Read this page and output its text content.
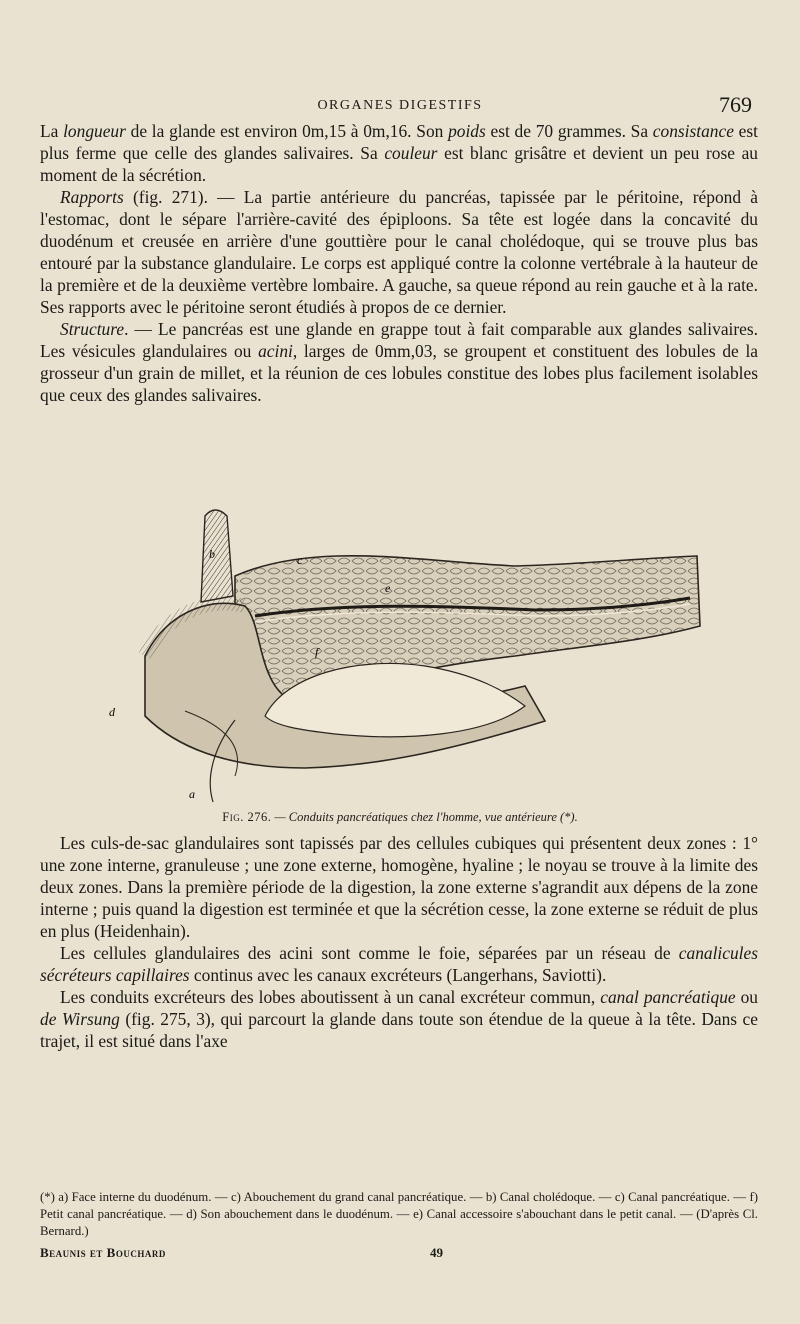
ORGANES DIGESTIFS	769

La longueur de la glande est environ 0m,15 à 0m,16. Son poids est de 70 grammes. Sa consistance est plus ferme que celle des glandes salivaires. Sa couleur est blanc grisâtre et devient un peu rose au moment de la sécrétion.

Rapports (fig. 271). — La partie antérieure du pancréas, tapissée par le péritoine, répond à l'estomac, dont le sépare l'arrière-cavité des épiploons. Sa tête est logée dans la concavité du duodénum et creusée en arrière d'une gouttière pour le canal cholédoque, qui se trouve plus bas entouré par la substance glandulaire. Le corps est appliqué contre la colonne vertébrale à la hauteur de la première et de la deuxième vertèbre lombaire. A gauche, sa queue répond au rein gauche et à la rate. Ses rapports avec le péritoine seront étudiés à propos de ce dernier.

Structure. — Le pancréas est une glande en grappe tout à fait comparable aux glandes salivaires. Les vésicules glandulaires ou acini, larges de 0mm,03, se groupent et constituent des lobules de la grosseur d'un grain de millet, et la réunion de ces lobules constitue des lobes plus facilement isolables que ceux des glandes salivaires.

b	c
e
d
f
a
Fig. 276. — Conduits pancréatiques chez l'homme, vue antérieure (*).

Les culs-de-sac glandulaires sont tapissés par des cellules cubiques qui présentent deux zones : 1° une zone interne, granuleuse ; une zone externe, homogène, hyaline ; le noyau se trouve à la limite des deux zones. Dans la première période de la digestion, la zone externe s'agrandit aux dépens de la zone interne ; puis quand la digestion est terminée et que la sécrétion cesse, la zone externe se réduit de plus en plus (Heidenhain).

Les cellules glandulaires des acini sont comme le foie, séparées par un réseau de canalicules sécréteurs capillaires continus avec les canaux excréteurs (Langerhans, Saviotti).

Les conduits excréteurs des lobes aboutissent à un canal excréteur commun, canal pancréatique ou de Wirsung (fig. 275, 3), qui parcourt la glande dans toute son étendue de la queue à la tête. Dans ce trajet, il est situé dans l'axe

(*) a) Face interne du duodénum. — c) Abouchement du grand canal pancréatique. — b) Canal cholédoque. — c) Canal pancréatique. — f) Petit canal pancréatique. — d) Son abouchement dans le duodénum. — e) Canal accessoire s'abouchant dans le petit canal. — (D'après Cl. Bernard.)
Beaunis et Bouchard	49
